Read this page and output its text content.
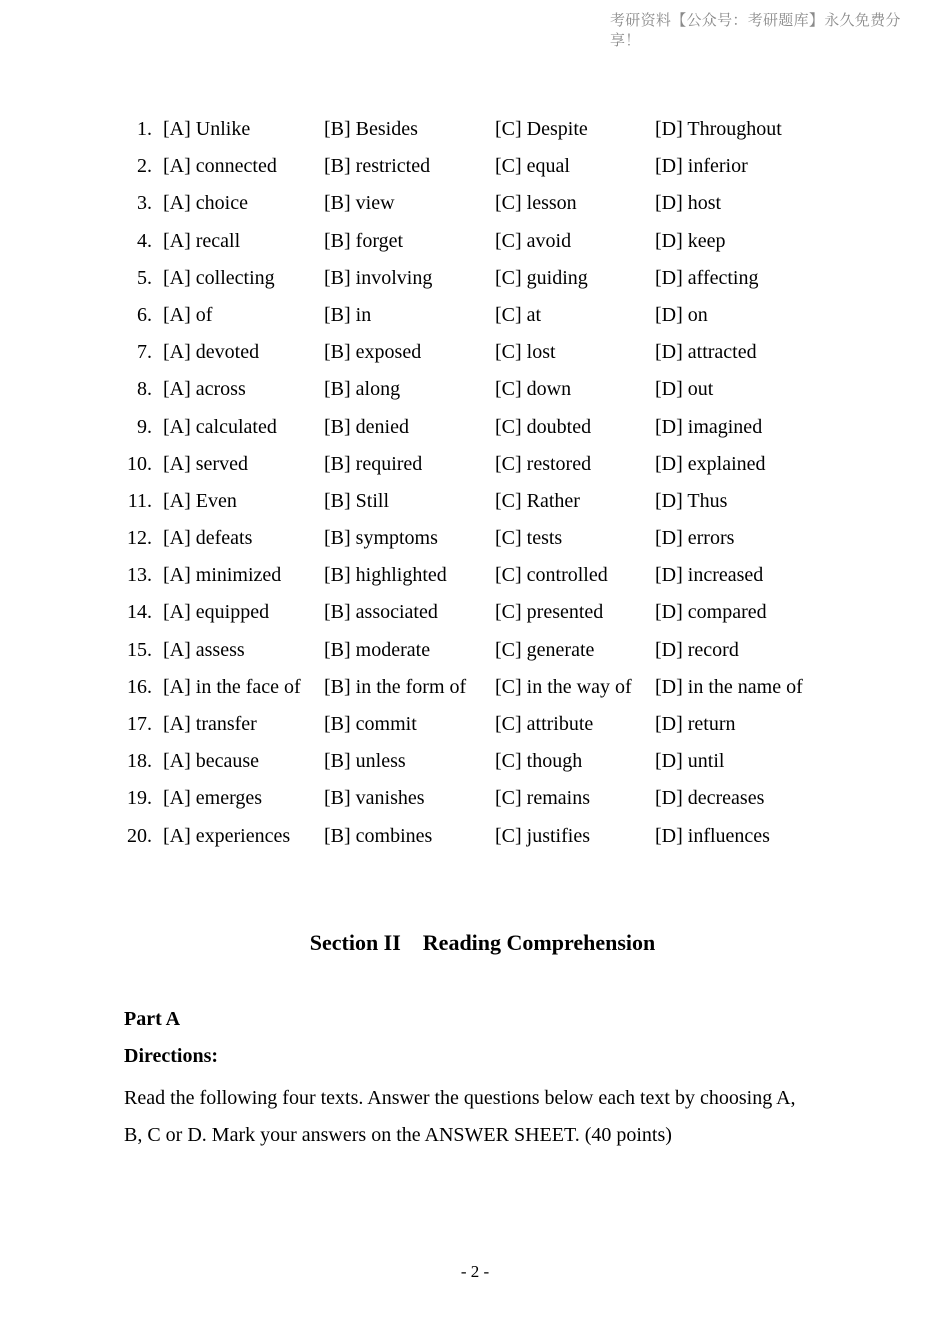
考研资料【公众号：考研题库】永久免费分享！
1. [A] Unlike	[B] Besides	[C] Despite	[D] Throughout
2. [A] connected [B] restricted	[C] equal	[D] inferior
3. [A] choice	[B] view	[C] lesson	[D] host
4. [A] recall	[B] forget	[C] avoid	[D] keep
5. [A] collecting [B] involving	[C] guiding	[D] affecting
6. [A] of	[B] in	[C] at	[D] on
7. [A] devoted	[B] exposed	[C] lost	[D] attracted
8. [A] across	[B] along	[C] down	[D] out
9. [A] calculated [B] denied	[C] doubted	[D] imagined
10. [A] served	[B] required	[C] restored	[D] explained
11. [A] Even	[B] Still	[C] Rather	[D] Thus
12. [A] defeats	[B] symptoms	[C] tests	[D] errors
13. [A] minimized [B] highlighted [C] controlled [D] increased
14. [A] equipped	[B] associated	[C] presented	[D] compared
15. [A] assess	[B] moderate	[C] generate	[D] record
16. [A] in the face of [B] in the form of [C] in the way of [D] in the name of
17. [A] transfer	[B] commit	[C] attribute	[D] return
18. [A] because	[B] unless	[C] though	[D] until
19. [A] emerges	[B] vanishes	[C] remains	[D] decreases
20. [A] experiences [B] combines	[C] justifies	[D] influences
Section II    Reading Comprehension
Part A
Directions:
Read the following four texts. Answer the questions below each text by choosing A,
B, C or D. Mark your answers on the ANSWER SHEET. (40 points)
- 2 -
